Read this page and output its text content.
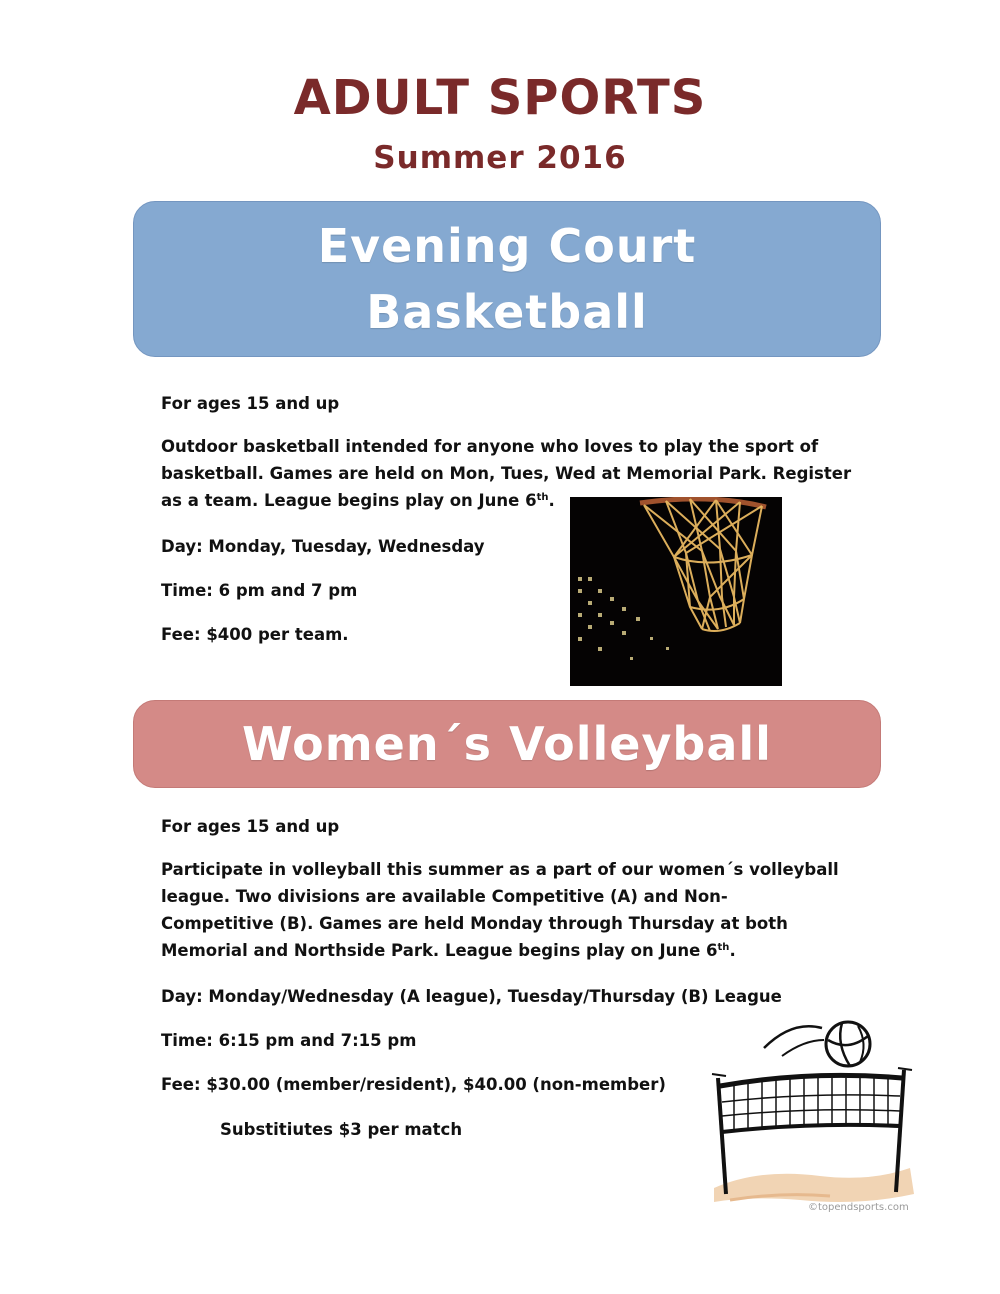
ADULT SPORTS
Summer 2016
Evening Court
Basketball
For ages 15 and up
Outdoor basketball intended for anyone who loves to play the sport of
basketball. Games are held on Mon, Tues, Wed at Memorial Park. Register
as a team. League begins play on June 6th.
Day: Monday, Tuesday, Wednesday
Time: 6 pm and 7 pm
Fee: $400 per team.
Women´s Volleyball
For ages 15 and up
Participate in volleyball this summer as a part of our women´s volleyball
league. Two divisions are available Competitive (A) and Non-
Competitive (B). Games are held Monday through Thursday at both
Memorial and Northside Park. League begins play on June 6th.
Day: Monday/Wednesday (A league), Tuesday/Thursday (B) League
Time: 6:15 pm and 7:15 pm
Fee: $30.00 (member/resident), $40.00 (non-member)
Substitiutes $3 per match
©topendsports.com
